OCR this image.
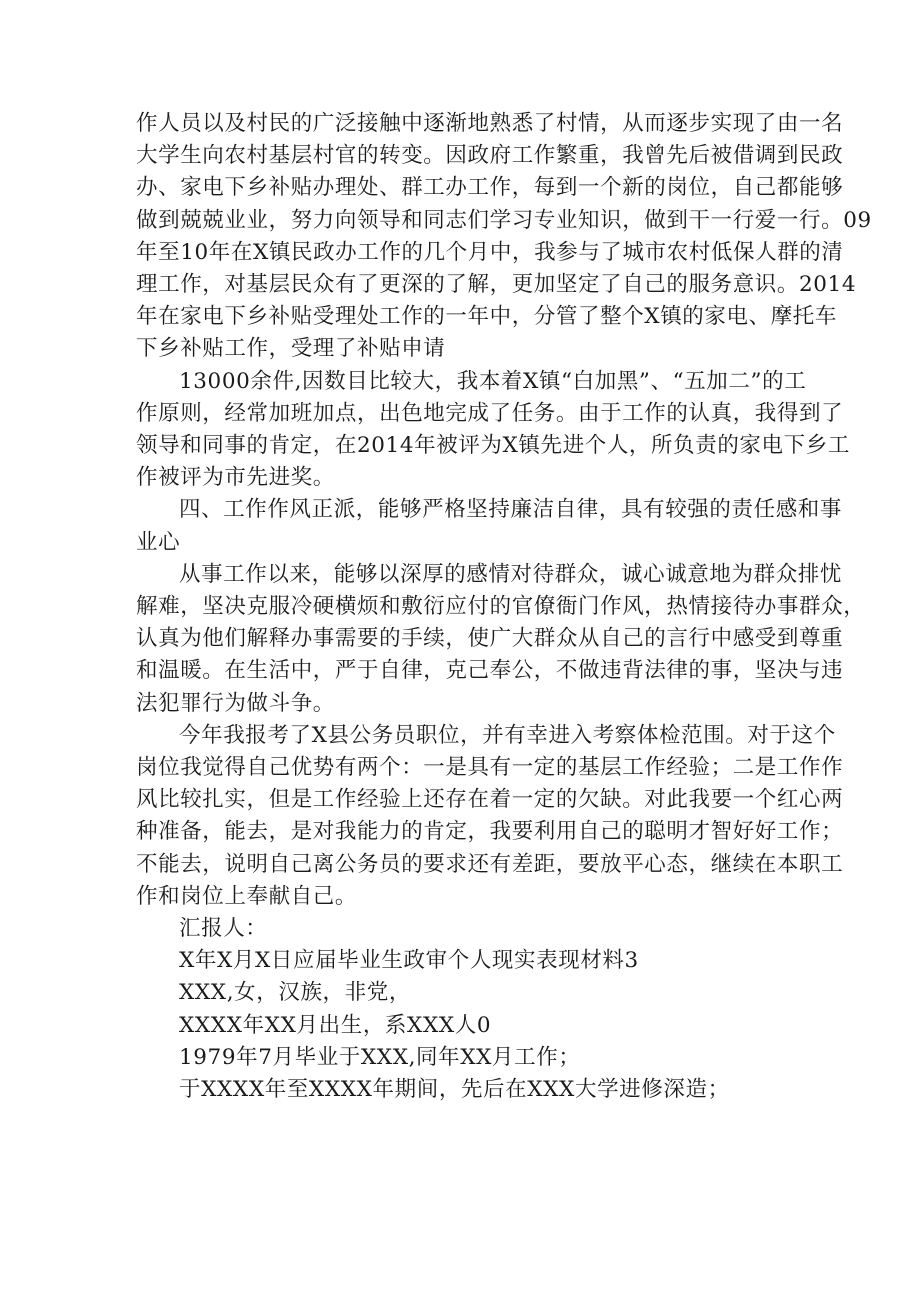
作人员以及村民的广泛接触中逐渐地熟悉了村情，从而逐步实现了由一名
大学生向农村基层村官的转变。因政府工作繁重，我曾先后被借调到民政
办、家电下乡补贴办理处、群工办工作，每到一个新的岗位，自己都能够
做到兢兢业业，努力向领导和同志们学习专业知识，做到干一行爱一行。09
年至10年在X镇民政办工作的几个月中，我参与了城市农村低保人群的清
理工作，对基层民众有了更深的了解，更加坚定了自己的服务意识。2014
年在家电下乡补贴受理处工作的一年中，分管了整个X镇的家电、摩托车
下乡补贴工作，受理了补贴申请

13000余件,因数目比较大，我本着X镇“白加黑”、“五加二”的工
作原则，经常加班加点，出色地完成了任务。由于工作的认真，我得到了
领导和同事的肯定，在2014年被评为X镇先进个人，所负责的家电下乡工
作被评为市先进奖。

四、工作作风正派，能够严格坚持廉洁自律，具有较强的责任感和事
业心

从事工作以来，能够以深厚的感情对待群众，诚心诚意地为群众排忧
解难，坚决克服冷硬横烦和敷衍应付的官僚衙门作风，热情接待办事群众，
认真为他们解释办事需要的手续，使广大群众从自己的言行中感受到尊重
和温暖。在生活中，严于自律，克己奉公，不做违背法律的事，坚决与违
法犯罪行为做斗争。

今年我报考了X县公务员职位，并有幸进入考察体检范围。对于这个
岗位我觉得自己优势有两个：一是具有一定的基层工作经验；二是工作作
风比较扎实，但是工作经验上还存在着一定的欠缺。对此我要一个红心两
种准备，能去，是对我能力的肯定，我要利用自己的聪明才智好好工作；
不能去，说明自己离公务员的要求还有差距，要放平心态，继续在本职工
作和岗位上奉献自己。

汇报人：

X年X月X日应届毕业生政审个人现实表现材料3

XXX,女，汉族，非党，

XXXX年XX月出生，系XXX人0

1979年7月毕业于XXX,同年XX月工作；

于XXXX年至XXXX年期间，先后在XXX大学进修深造；
